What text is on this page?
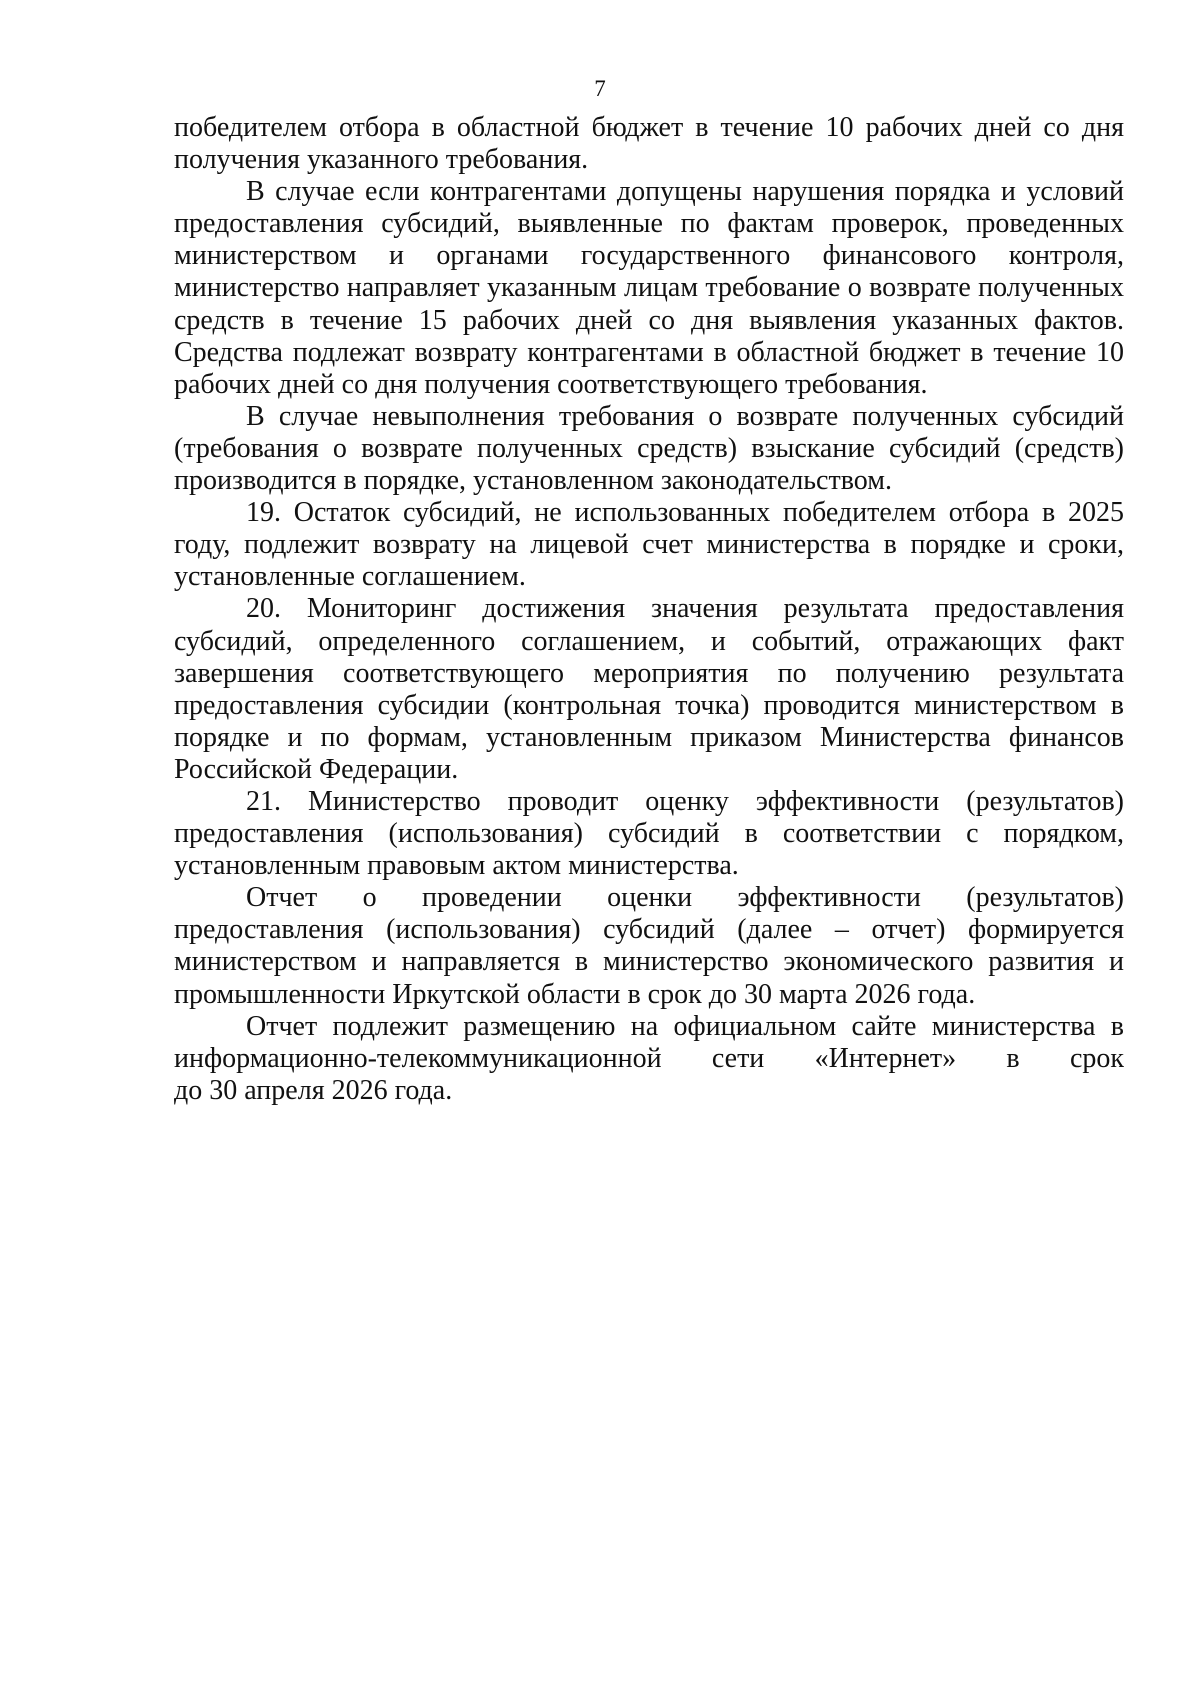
7

победителем отбора в областной бюджет в течение 10 рабочих дней со дня получения указанного требования.

В случае если контрагентами допущены нарушения порядка и условий предоставления субсидий, выявленные по фактам проверок, проведенных министерством и органами государственного финансового контроля, министерство направляет указанным лицам требование о возврате полученных средств в течение 15 рабочих дней со дня выявления указанных фактов. Средства подлежат возврату контрагентами в областной бюджет в течение 10 рабочих дней со дня получения соответствующего требования.

В случае невыполнения требования о возврате полученных субсидий (требования о возврате полученных средств) взыскание субсидий (средств) производится в порядке, установленном законодательством.

19. Остаток субсидий, не использованных победителем отбора в 2025 году, подлежит возврату на лицевой счет министерства в порядке и сроки, установленные соглашением.

20. Мониторинг достижения значения результата предоставления субсидий, определенного соглашением, и событий, отражающих факт завершения соответствующего мероприятия по получению результата предоставления субсидии (контрольная точка) проводится министерством в порядке и по формам, установленным приказом Министерства финансов Российской Федерации.

21. Министерство проводит оценку эффективности (результатов) предоставления (использования) субсидий в соответствии с порядком, установленным правовым актом министерства.

Отчет о проведении оценки эффективности (результатов) предоставления (использования) субсидий (далее – отчет) формируется министерством и направляется в министерство экономического развития и промышленности Иркутской области в срок до 30 марта 2026 года.

Отчет подлежит размещению на официальном сайте министерства в информационно-телекоммуникационной сети «Интернет» в срок

до 30 апреля 2026 года.
